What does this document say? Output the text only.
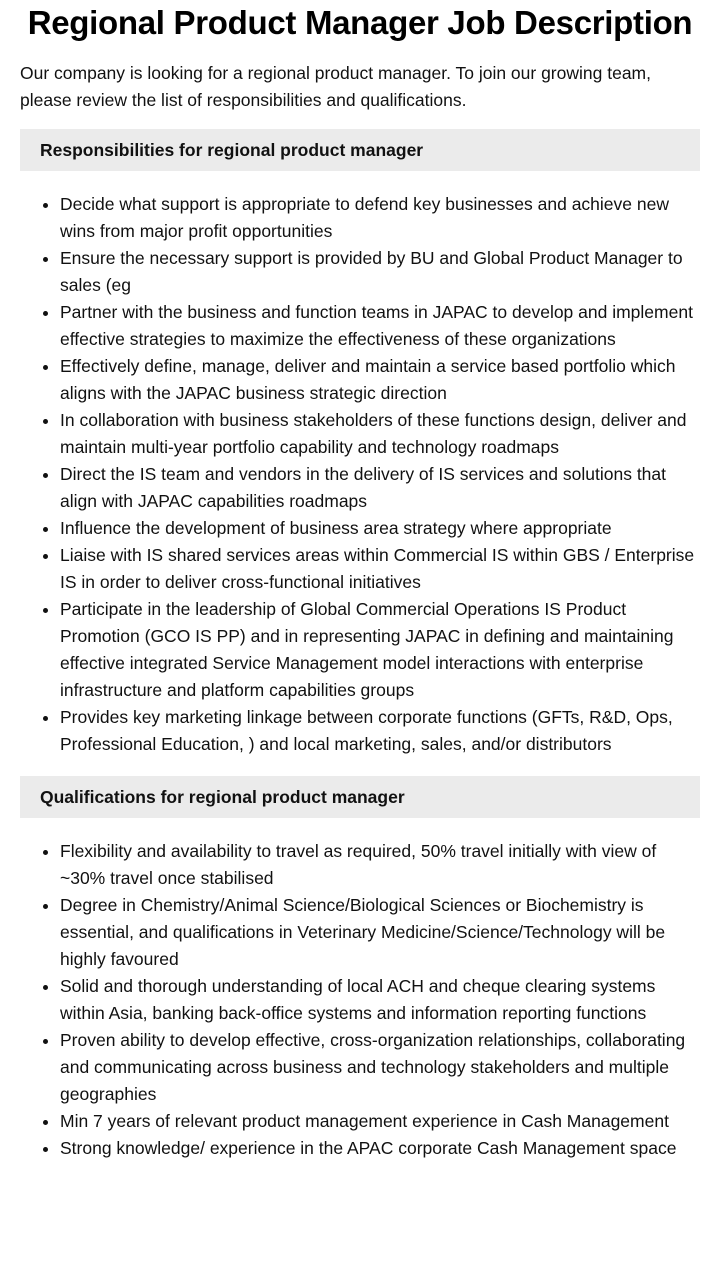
Regional Product Manager Job Description

Our company is looking for a regional product manager. To join our growing team, please review the list of responsibilities and qualifications.

Responsibilities for regional product manager
Decide what support is appropriate to defend key businesses and achieve new wins from major profit opportunities
Ensure the necessary support is provided by BU and Global Product Manager to sales (eg
Partner with the business and function teams in JAPAC to develop and implement effective strategies to maximize the effectiveness of these organizations
Effectively define, manage, deliver and maintain a service based portfolio which aligns with the JAPAC business strategic direction
In collaboration with business stakeholders of these functions design, deliver and maintain multi-year portfolio capability and technology roadmaps
Direct the IS team and vendors in the delivery of IS services and solutions that align with JAPAC capabilities roadmaps
Influence the development of business area strategy where appropriate
Liaise with IS shared services areas within Commercial IS within GBS / Enterprise IS in order to deliver cross-functional initiatives
Participate in the leadership of Global Commercial Operations IS Product Promotion (GCO IS PP) and in representing JAPAC in defining and maintaining effective integrated Service Management model interactions with enterprise infrastructure and platform capabilities groups
Provides key marketing linkage between corporate functions (GFTs, R&D, Ops, Professional Education, ) and local marketing, sales, and/or distributors
Qualifications for regional product manager
Flexibility and availability to travel as required, 50% travel initially with view of ~30% travel once stabilised
Degree in Chemistry/Animal Science/Biological Sciences or Biochemistry is essential, and qualifications in Veterinary Medicine/Science/Technology will be highly favoured
Solid and thorough understanding of local ACH and cheque clearing systems within Asia, banking back-office systems and information reporting functions
Proven ability to develop effective, cross-organization relationships, collaborating and communicating across business and technology stakeholders and multiple geographies
Min 7 years of relevant product management experience in Cash Management
Strong knowledge/ experience in the APAC corporate Cash Management space
